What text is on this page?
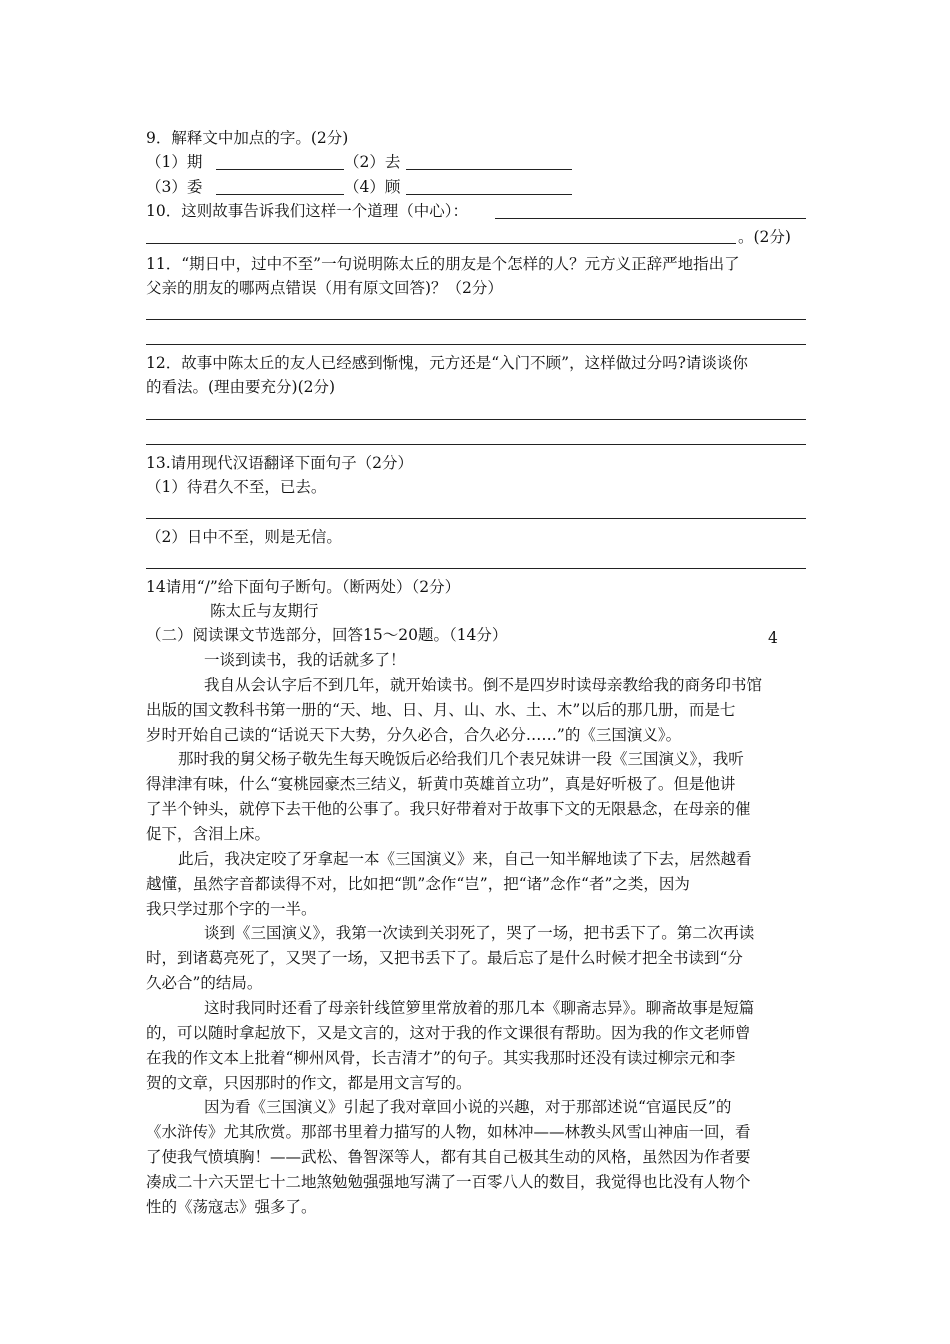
9．解释文中加点的字。(2分)

（1）期	（2）去

（3）委	（4）顾

10．这则故事告诉我们这样一个道理（中心）：

。(2分)

11．“期日中，过中不至”一句说明陈太丘的朋友是个怎样的人？元方义正辞严地指出了

父亲的朋友的哪两点错误（用有原文回答)？（2分）

12．故事中陈太丘的友人已经感到惭愧，元方还是“入门不顾”，这样做过分吗?请谈谈你

的看法。(理由要充分)(2分)

13.请用现代汉语翻译下面句子（2分）

（1）待君久不至，已去。

（2）日中不至，则是无信。

14请用“/”给下面句子断句。（断两处）（2分）

陈太丘与友期行

（二）阅读课文节选部分，回答15～20题。（14分）	4

一谈到读书，我的话就多了！

我自从会认字后不到几年，就开始读书。倒不是四岁时读母亲教给我的商务印书馆

出版的国文教科书第一册的“天、地、日、月、山、水、土、木”以后的那几册，而是七

岁时开始自己读的“话说天下大势，分久必合，合久必分……”的《三国演义》。

那时我的舅父杨子敬先生每天晚饭后必给我们几个表兄妹讲一段《三国演义》，我听

得津津有味，什么“宴桃园豪杰三结义，斩黄巾英雄首立功”，真是好听极了。但是他讲

了半个钟头，就停下去干他的公事了。我只好带着对于故事下文的无限悬念，在母亲的催

促下，含泪上床。

此后，我决定咬了牙拿起一本《三国演义》来，自己一知半解地读了下去，居然越看

越懂，虽然字音都读得不对，比如把“凯”念作“岂”，把“诸”念作“者”之类，因为

我只学过那个字的一半。

谈到《三国演义》，我第一次读到关羽死了，哭了一场，把书丢下了。第二次再读

时，到诸葛亮死了，又哭了一场，又把书丢下了。最后忘了是什么时候才把全书读到“分

久必合”的结局。

这时我同时还看了母亲针线笸箩里常放着的那几本《聊斋志异》。聊斋故事是短篇

的，可以随时拿起放下，又是文言的，这对于我的作文课很有帮助。因为我的作文老师曾

在我的作文本上批着“柳州风骨，长吉清才”的句子。其实我那时还没有读过柳宗元和李

贺的文章，只因那时的作文，都是用文言写的。

因为看《三国演义》引起了我对章回小说的兴趣，对于那部述说“官逼民反”的

《水浒传》尤其欣赏。那部书里着力描写的人物，如林冲——林教头风雪山神庙一回，看

了使我气愤填胸！——武松、鲁智深等人，都有其自己极其生动的风格，虽然因为作者要

凑成二十六天罡七十二地煞勉勉强强地写满了一百零八人的数目，我觉得也比没有人物个

性的《荡寇志》强多了。
